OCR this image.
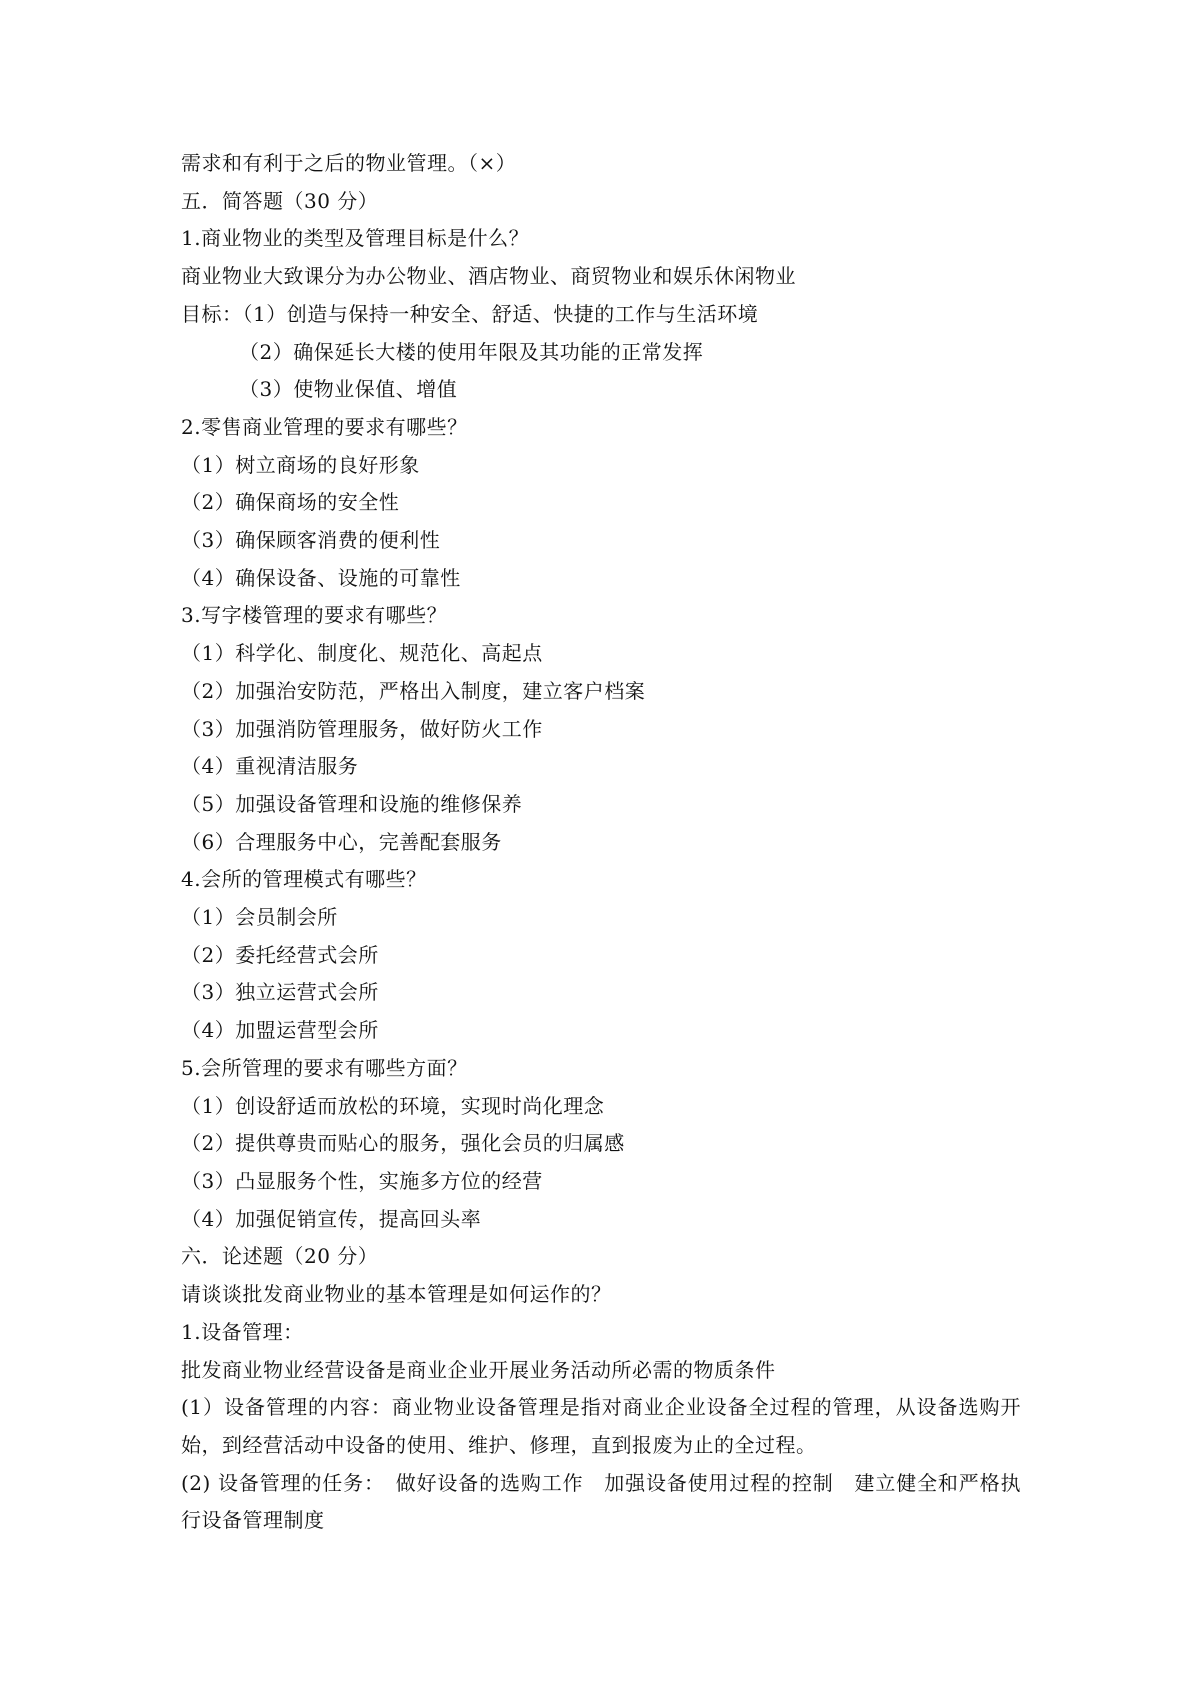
需求和有利于之后的物业管理。（×）
五．简答题（30 分）
1.商业物业的类型及管理目标是什么？
商业物业大致课分为办公物业、酒店物业、商贸物业和娱乐休闲物业
目标：（1）创造与保持一种安全、舒适、快捷的工作与生活环境
（2）确保延长大楼的使用年限及其功能的正常发挥
（3）使物业保值、增值
2.零售商业管理的要求有哪些？
（1）树立商场的良好形象
（2）确保商场的安全性
（3）确保顾客消费的便利性
（4）确保设备、设施的可靠性
3.写字楼管理的要求有哪些？
（1）科学化、制度化、规范化、高起点
（2）加强治安防范，严格出入制度，建立客户档案
（3）加强消防管理服务，做好防火工作
（4）重视清洁服务
（5）加强设备管理和设施的维修保养
（6）合理服务中心，完善配套服务
4.会所的管理模式有哪些？
（1）会员制会所
（2）委托经营式会所
（3）独立运营式会所
（4）加盟运营型会所
5.会所管理的要求有哪些方面？
（1）创设舒适而放松的环境，实现时尚化理念
（2）提供尊贵而贴心的服务，强化会员的归属感
（3）凸显服务个性，实施多方位的经营
（4）加强促销宣传，提高回头率
六．论述题（20 分）
请谈谈批发商业物业的基本管理是如何运作的？
1.设备管理：
批发商业物业经营设备是商业企业开展业务活动所必需的物质条件
(1）设备管理的内容：商业物业设备管理是指对商业企业设备全过程的管理，从设备选购开始，到经营活动中设备的使用、维护、修理，直到报废为止的全过程。
(2) 设备管理的任务：　做好设备的选购工作　加强设备使用过程的控制　建立健全和严格执行设备管理制度
